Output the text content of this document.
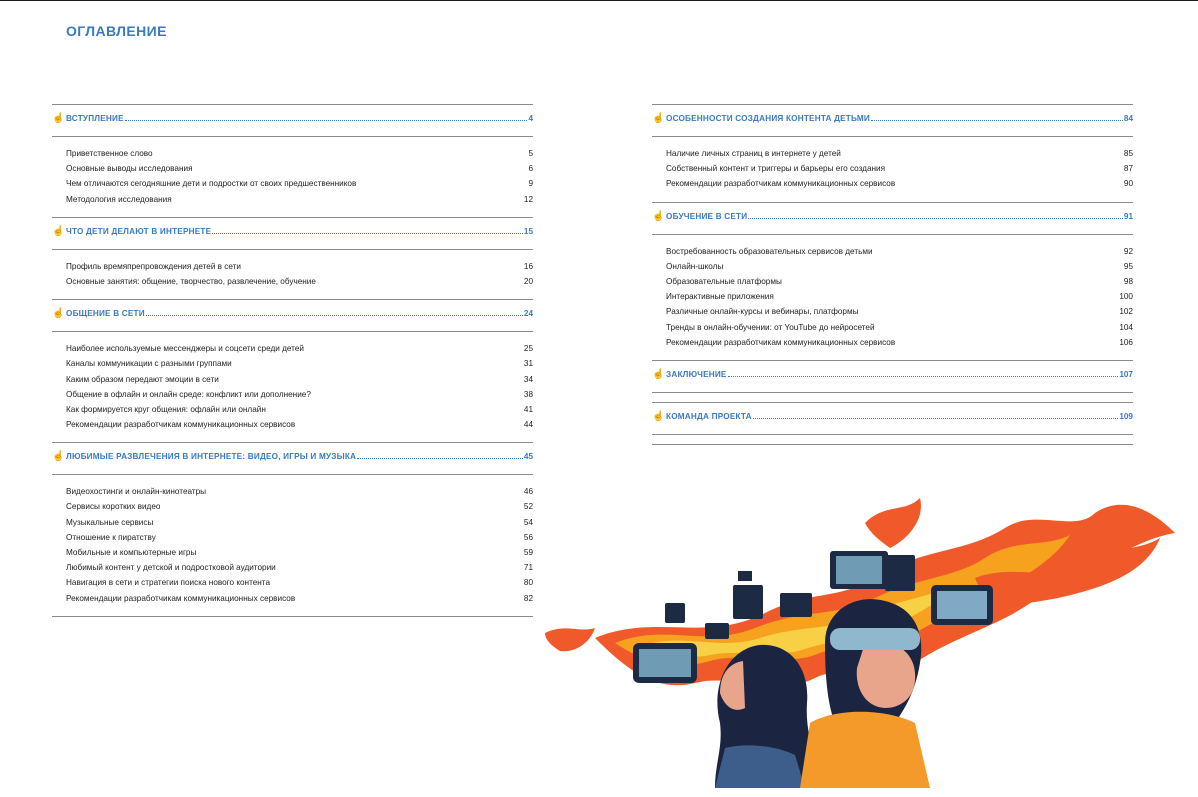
ОГЛАВЛЕНИЕ
☝ ВСТУПЛЕНИЕ	4
Приветственное слово	5
Основные выводы исследования	6
Чем отличаются сегодняшние дети и подростки от своих предшественников	9
Методология исследования	12
☝ ЧТО ДЕТИ ДЕЛАЮТ В ИНТЕРНЕТЕ	15
Профиль времяпрепровождения детей в сети	16
Основные занятия: общение, творчество, развлечение, обучение	20
☝ ОБЩЕНИЕ В СЕТИ	24
Наиболее используемые мессенджеры и соцсети среди детей	25
Каналы коммуникации с разными группами	31
Каким образом передают эмоции в сети	34
Общение в офлайн и онлайн среде: конфликт или дополнение?	38
Как формируется круг общения: офлайн или онлайн	41
Рекомендации разработчикам коммуникационных сервисов	44
☝ ЛЮБИМЫЕ РАЗВЛЕЧЕНИЯ В ИНТЕРНЕТЕ: ВИДЕО, ИГРЫ И МУЗЫКА	45
Видеохостинги и онлайн-кинотеатры	46
Сервисы коротких видео	52
Музыкальные сервисы	54
Отношение к пиратству	56
Мобильные и компьютерные игры	59
Любимый контент у детской и подростковой аудитории	71
Навигация в сети и стратегии поиска нового контента	80
Рекомендации разработчикам коммуникационных сервисов	82
☝ ОСОБЕННОСТИ СОЗДАНИЯ КОНТЕНТА ДЕТЬМИ	84
Наличие личных страниц в интернете у детей	85
Собственный контент и триггеры и барьеры его создания	87
Рекомендации разработчикам коммуникационных сервисов	90
☝ ОБУЧЕНИЕ В СЕТИ	91
Востребованность образовательных сервисов детьми	92
Онлайн-школы	95
Образовательные платформы	98
Интерактивные приложения	100
Различные онлайн-курсы и вебинары, платформы	102
Тренды в онлайн-обучении: от YouTube до нейросетей	104
Рекомендации разработчикам коммуникационных сервисов	106
☝ ЗАКЛЮЧЕНИЕ	107
☝ КОМАНДА ПРОЕКТА	109
